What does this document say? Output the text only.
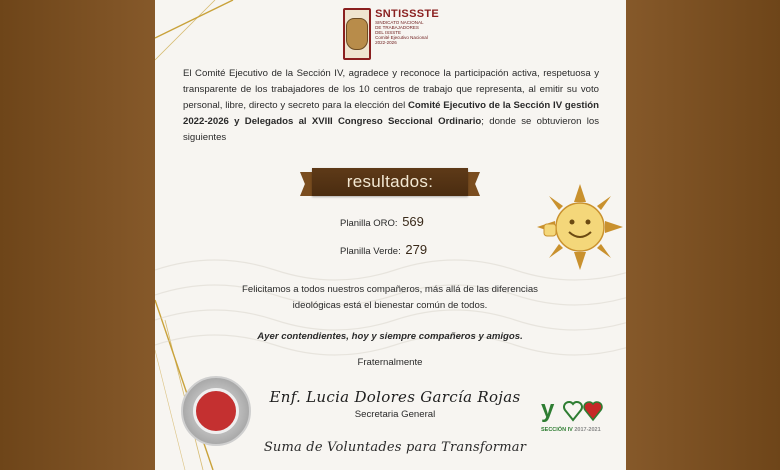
SNTISSSTE
SINDICATO NACIONAL
DE TRABAJADORES
DEL ISSSTE
Comité Ejecutivo Nacional
2022-2026
El Comité Ejecutivo de la Sección IV, agradece y reconoce la participación activa, respetuosa y transparente de los trabajadores de los 10 centros de trabajo que representa, al emitir su voto personal, libre, directo y secreto para la elección del Comité Ejecutivo de la Sección IV gestión 2022-2026 y Delegados al XVIII Congreso Seccional Ordinario; donde se obtuvieron los siguientes
resultados:
Planilla ORO: 569
Planilla Verde: 279
Felicitamos a todos nuestros compañeros, más allá de las diferencias
ideológicas está el bienestar común de todos.
Ayer contendientes, hoy y siempre compañeros y amigos.
Fraternalmente
Enf. Lucia Dolores García Rojas
Secretaria General	y
SECCIÓN IV 2017-2021
Suma de Voluntades para Transformar
